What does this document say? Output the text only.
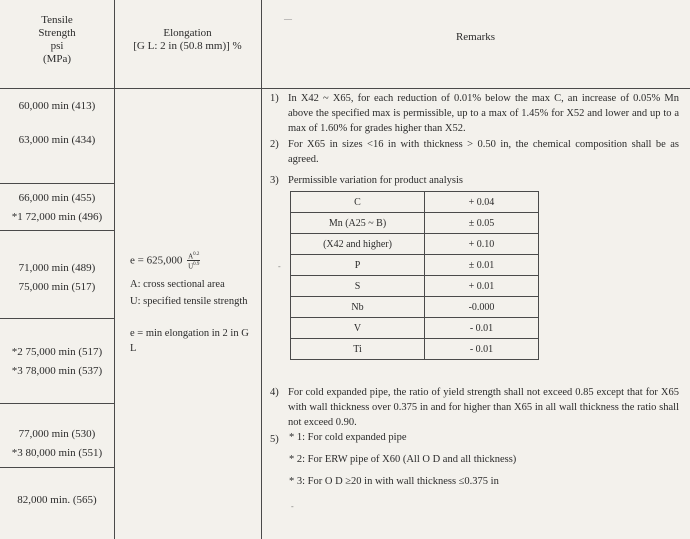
Tensile
Strength
psi
(MPa)
Elongation
[G L: 2 in (50.8 mm)] %
Remarks
60,000 min (413)
63,000 min (434)
66,000 min (455)
*1 72,000 min (496)
71,000 min (489)
75,000 min (517)
*2 75,000 min (517)
*3 78,000 min (537)
77,000 min (530)
*3 80,000 min (551)
82,000 min. (565)
$e = 625,000 \frac{A^{0.2}}{U^{0.9}}$
A: cross sectional area
U: specified tensile strength
e = min elongation in 2 in G L
1) In X42 ~ X65, for each reduction of 0.01% below the max C, an increase of 0.05% Mn above the specified max is permissible, up to a max of 1.45% for X52 and lower and up to a max of 1.60% for grades higher than X52.
2) For X65 in sizes <16 in with thickness > 0.50 in, the chemical composition shall be as agreed.
3) Permissible variation for product analysis
C	+ 0.04
Mn (A25 ~ B)	± 0.05
(X42 and higher)	+ 0.10
P	± 0.01
S	+ 0.01
Nb	-0.000
V	- 0.01
Ti	- 0.01
4) For cold expanded pipe, the ratio of yield strength shall not exceed 0.85 except that for X65 with wall thickness over 0.375 in and for higher than X65 in all wall thickness the ratio shall not exceed 0.90.
5) * 1: For cold expanded pipe
* 2: For ERW pipe of X60 (All O D and all thickness)
* 3: For O D ≥20 in with wall thickness ≤0.375 in
—
-
-
